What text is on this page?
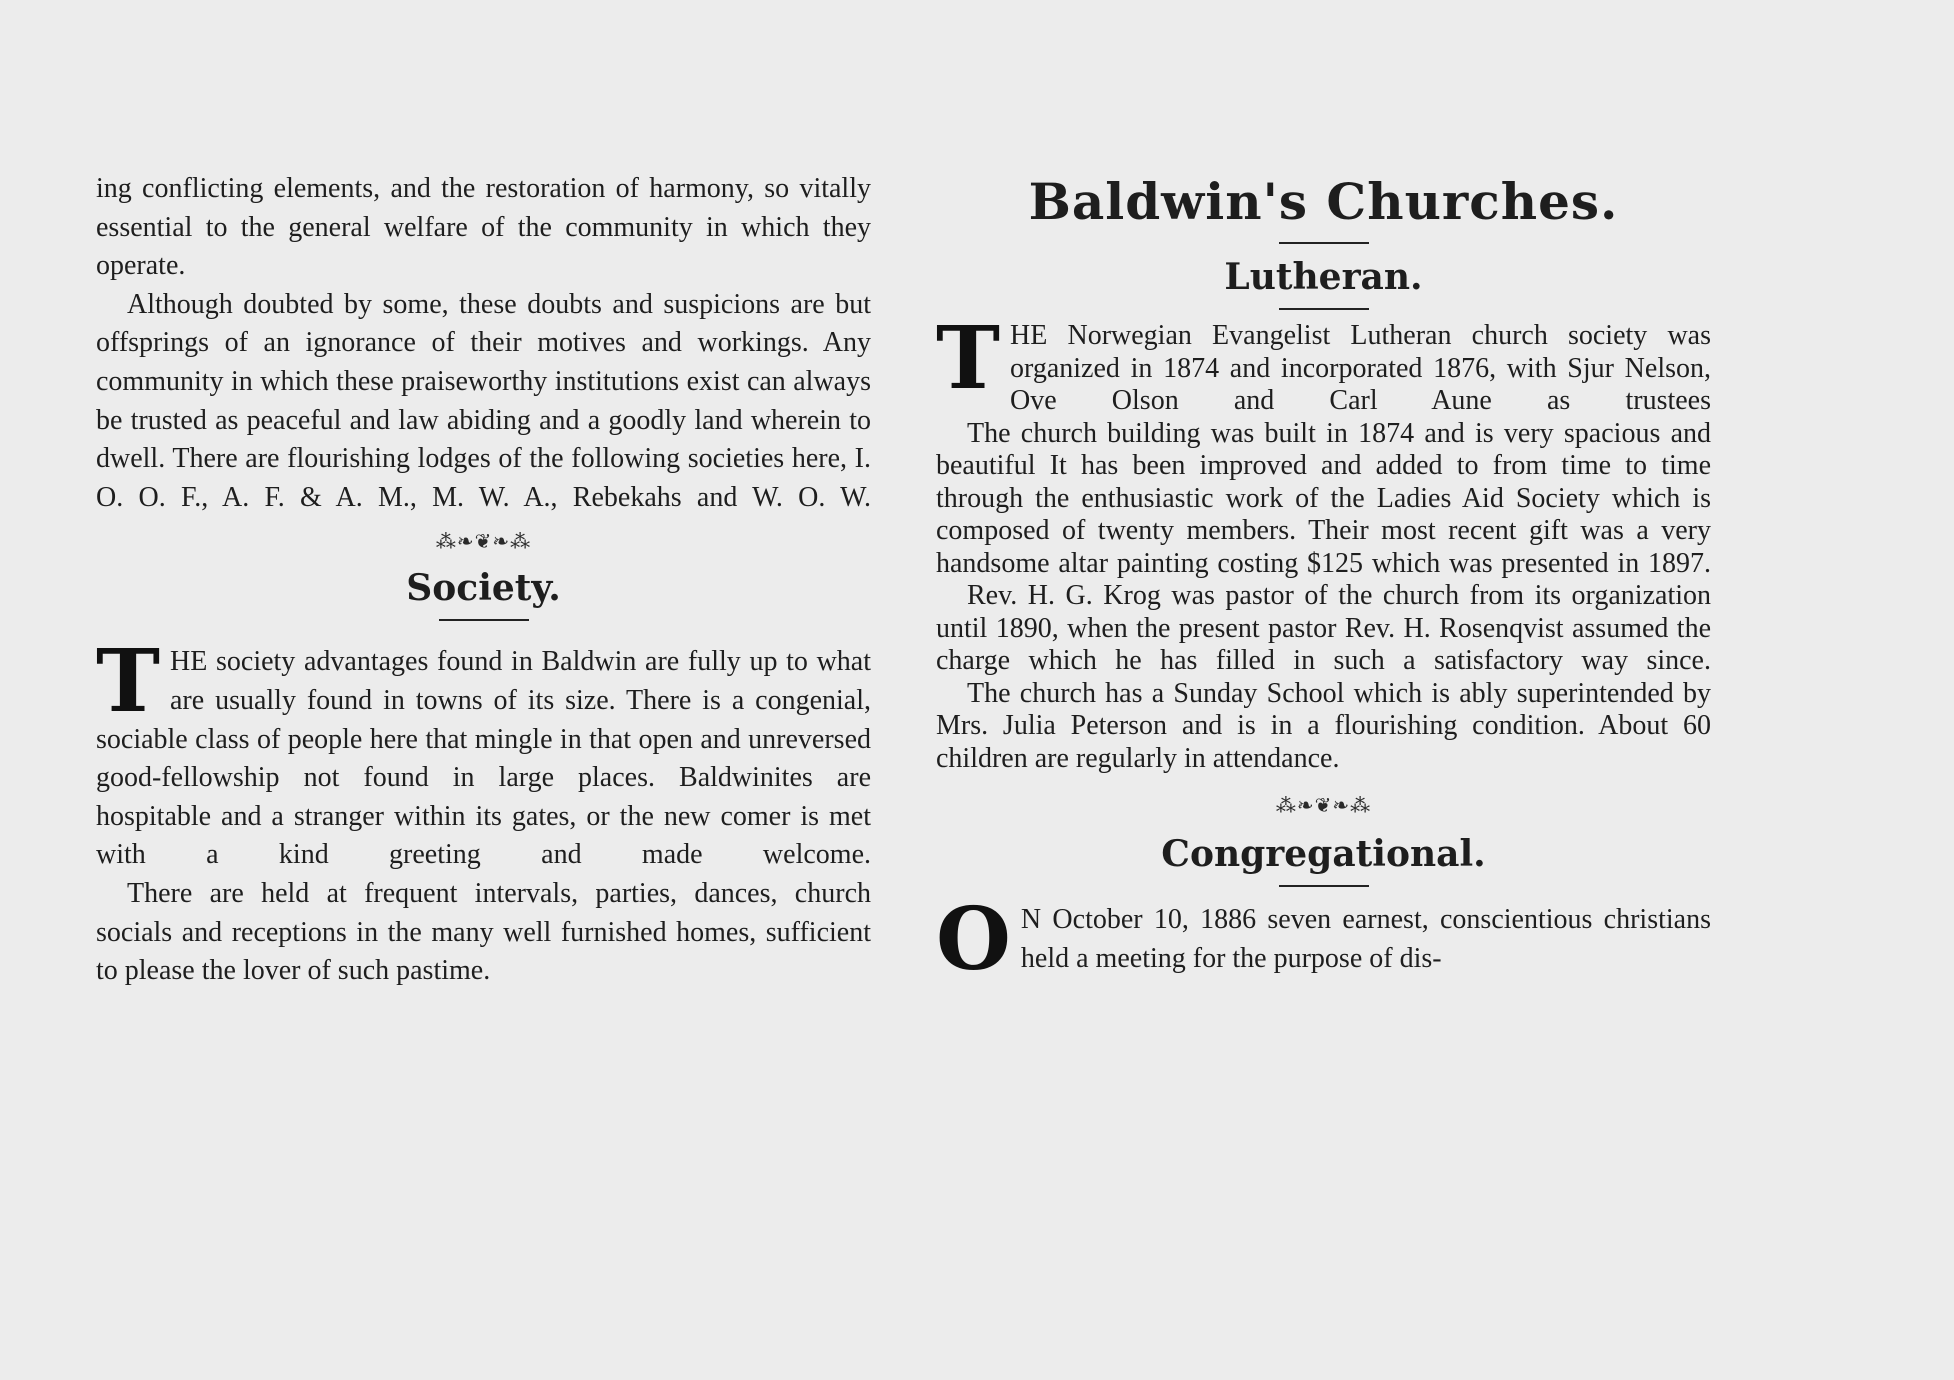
ing conflicting elements, and the restoration of harmony, so vitally essential to the general welfare of the community in which they operate.

Although doubted by some, these doubts and suspicions are but offsprings of an ignorance of their motives and workings. Any community in which these praiseworthy institutions exist can always be trusted as peaceful and law abiding and a goodly land wherein to dwell. There are flourishing lodges of the following societies here, I. O. O. F., A. F. & A. M., M. W. A., Rebekahs and W. O. W.

⁂❧❦❧⁂
Society.
T HE society advantages found in Baldwin are fully up to what are usually found in towns of its size. There is a congenial, sociable class of people here that mingle in that open and unreversed good-fellowship not found in large places. Baldwinites are hospitable and a stranger within its gates, or the new comer is met with a kind greeting and made welcome.

There are held at frequent intervals, parties, dances, church socials and receptions in the many well furnished homes, sufficient to please the lover of such pastime.

Baldwin's Churches.
Lutheran.
T HE Norwegian Evangelist Lutheran church society was organized in 1874 and incorporated 1876, with Sjur Nelson, Ove Olson and Carl Aune as trustees

The church building was built in 1874 and is very spacious and beautiful It has been improved and added to from time to time through the enthusiastic work of the Ladies Aid Society which is composed of twenty members. Their most recent gift was a very handsome altar painting costing $125 which was presented in 1897.

Rev. H. G. Krog was pastor of the church from its organization until 1890, when the present pastor Rev. H. Rosenqvist assumed the charge which he has filled in such a satisfactory way since.

The church has a Sunday School which is ably superintended by Mrs. Julia Peterson and is in a flourishing condition. About 60 children are regularly in attendance.

⁂❧❦❧⁂
Congregational.
O N October 10, 1886 seven earnest, conscientious christians held a meeting for the purpose of dis-
